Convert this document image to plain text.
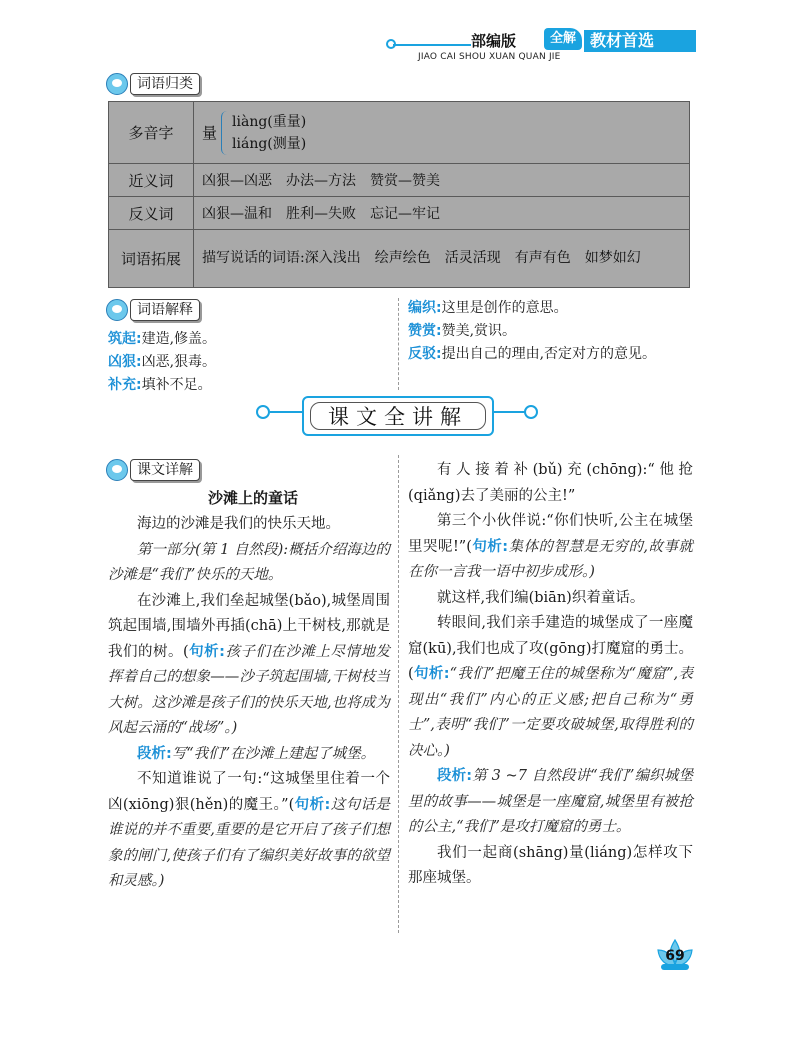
部编版	全解 教材首选
JIAO CAI SHOU XUAN QUAN JIE
词语归类
多音字	量
liàng(重量)
liáng(测量)

近义词	凶狠—凶恶　办法—方法　赞赏—赞美
反义词	凶狠—温和　胜利—失败　忘记—牢记
词语拓展	描写说话的词语:深入浅出　绘声绘色　活灵活现　有声有色　如梦如幻
词语解释

筑起:建造,修盖。

凶狠:凶恶,狠毒。

补充:填补不足。

编织:这里是创作的意思。

赞赏:赞美,赏识。

反驳:提出自己的理由,否定对方的意见。

课文全讲解
课文详解
沙滩上的童话

海边的沙滩是我们的快乐天地。

第一部分(第 1 自然段):概括介绍海边的沙滩是“我们”快乐的天地。

在沙滩上,我们垒起城堡(bǎo),城堡周围筑起围墙,围墙外再插(chā)上干树枝,那就是我们的树。(句析:孩子们在沙滩上尽情地发挥着自己的想象——沙子筑起围墙,干树枝当大树。这沙滩是孩子们的快乐天地,也将成为风起云涌的“战场”。)

段析:写“我们”在沙滩上建起了城堡。

不知道谁说了一句:“这城堡里住着一个凶(xiōng)狠(hěn)的魔王。”(句析:这句话是谁说的并不重要,重要的是它开启了孩子们想象的闸门,使孩子们有了编织美好故事的欲望和灵感。)

有人接着补(bǔ)充(chōng):“他抢(qiǎng)去了美丽的公主!”

第三个小伙伴说:“你们快听,公主在城堡里哭呢!”(句析:集体的智慧是无穷的,故事就在你一言我一语中初步成形。)

就这样,我们编(biān)织着童话。

转眼间,我们亲手建造的城堡成了一座魔窟(kū),我们也成了攻(gōng)打魔窟的勇士。(句析:“我们”把魔王住的城堡称为“魔窟”,表现出“我们”内心的正义感;把自己称为“勇士”,表明“我们”一定要攻破城堡,取得胜利的决心。)

段析:第 3 ~7 自然段讲“我们”编织城堡里的故事——城堡是一座魔窟,城堡里有被抢的公主,“我们”是攻打魔窟的勇士。

我们一起商(shāng)量(liáng)怎样攻下那座城堡。

69
